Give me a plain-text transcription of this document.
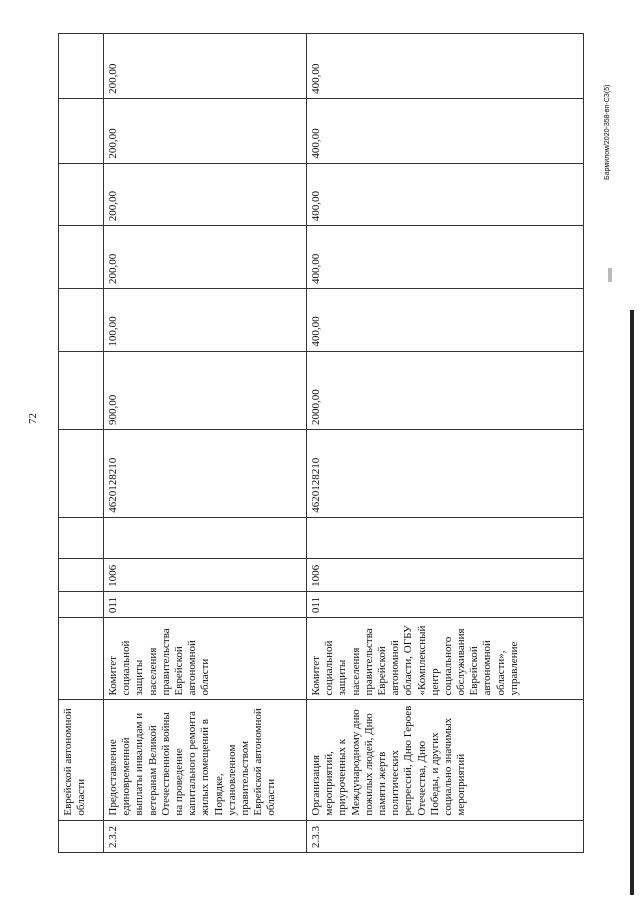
72
Бармилом/2020-358-вп-СЗ(5)
	Еврейской автономной области											
2.3.2	Предоставление единовременной выплаты инвалидам и ветеранам Великой Отечественной войны на проведение капитального ремонта жилых помещений в Порядке, установленном правительством Еврейской автономной области	Комитет социальной защиты населения правительства Еврейской автономной области	011	1006		4620128210	900,00	100,00	200,00	200,00	200,00	200,00
2.3.3	Организация мероприятий, приуроченных к Международному дню пожилых людей, Дню памяти жертв политических репрессий, Дню Героев Отечества, Дню Победы, и других социально значимых мероприятий	Комитет социальной защиты населения правительства Еврейской автономной области, ОГБУ «Комплексный центр социального обслуживания Еврейской автономной области», управление	011	1006		4620128210	2000,00	400,00	400,00	400,00	400,00	400,00
